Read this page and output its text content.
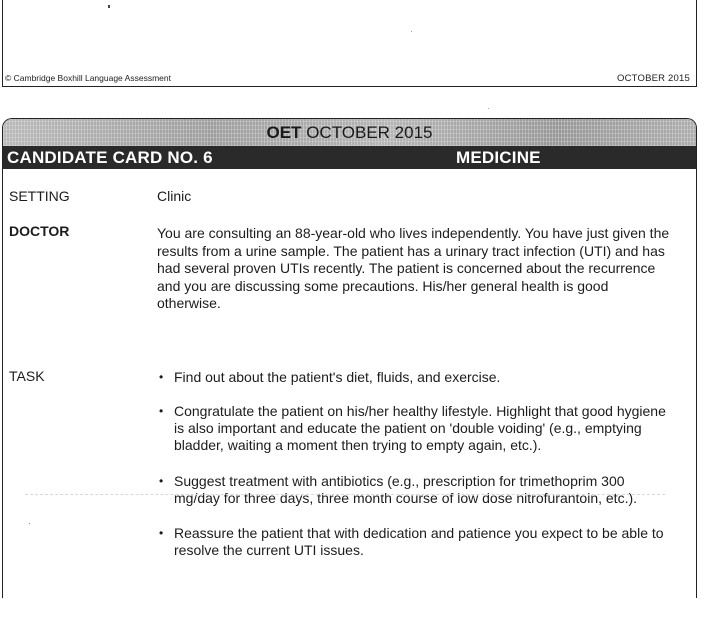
© Cambridge Boxhill Language Assessment	OCTOBER 2015
OET OCTOBER 2015
CANDIDATE CARD NO. 6	MEDICINE
SETTING	Clinic
DOCTOR	You are consulting an 88-year-old who lives independently. You have just given the
results from a urine sample. The patient has a urinary tract infection (UTI) and has
had several proven UTIs recently. The patient is concerned about the recurrence
and you are discussing some precautions. His/her general health is good
otherwise.
TASK	• Find out about the patient's diet, fluids, and exercise.
• Congratulate the patient on his/her healthy lifestyle. Highlight that good hygiene
is also important and educate the patient on 'double voiding' (e.g., emptying
bladder, waiting a moment then trying to empty again, etc.).
• Suggest treatment with antibiotics (e.g., prescription for trimethoprim 300
mg/day for three days, three month course of low dose nitrofurantoin, etc.).
• Reassure the patient that with dedication and patience you expect to be able to
resolve the current UTI issues.
